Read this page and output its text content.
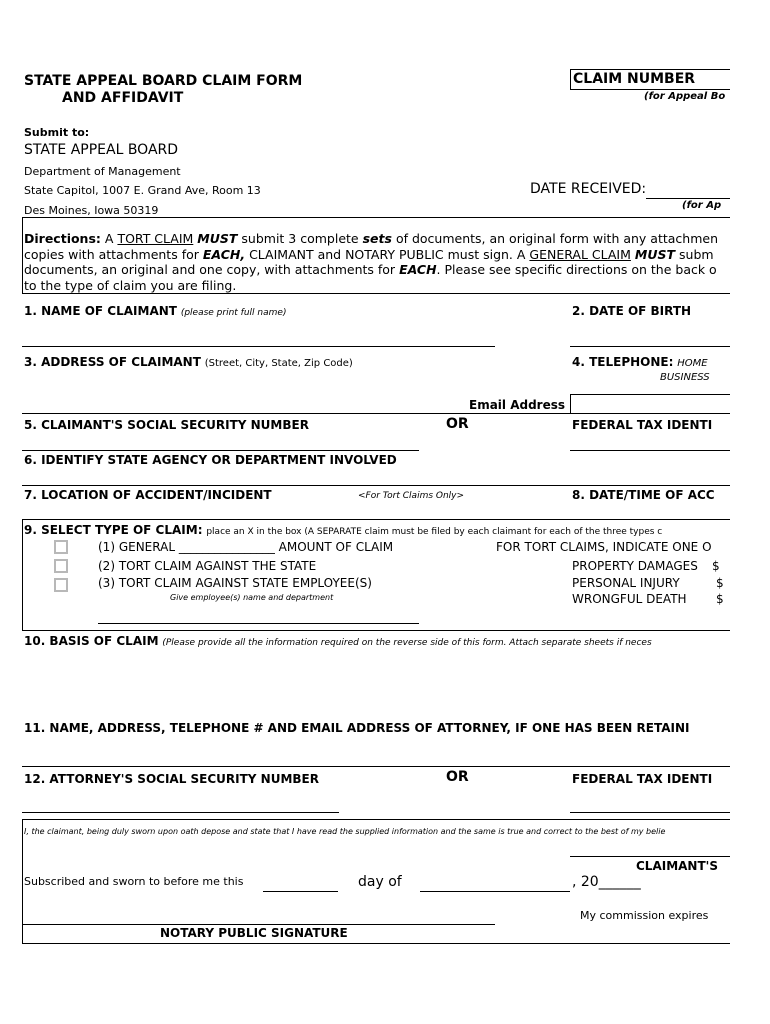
STATE APPEAL BOARD CLAIM FORM
AND AFFIDAVIT
CLAIM NUMBER
(for Appeal Bo
Submit to:
STATE APPEAL BOARD
Department of Management
State Capitol, 1007 E. Grand Ave, Room 13
Des Moines, Iowa 50319
DATE RECEIVED:
(for Ap
Directions: A TORT CLAIM MUST submit 3 complete sets of documents, an original form with any attachmen
copies with attachments for EACH, CLAIMANT and NOTARY PUBLIC must sign. A GENERAL CLAIM MUST subm
documents, an original and one copy, with attachments for EACH. Please see specific directions on the back o
to the type of claim you are filing.
1. NAME OF CLAIMANT (please print full name)	2. DATE OF BIRTH
3. ADDRESS OF CLAIMANT (Street, City, State, Zip Code)	4. TELEPHONE: HOME
BUSINESS
Email Address
5. CLAIMANT'S SOCIAL SECURITY NUMBER	OR	FEDERAL TAX IDENTI
6. IDENTIFY STATE AGENCY OR DEPARTMENT INVOLVED
7. LOCATION OF ACCIDENT/INCIDENT	<For Tort Claims Only>	8. DATE/TIME OF ACC
9. SELECT TYPE OF CLAIM: place an X in the box (A SEPARATE claim must be filed by each claimant for each of the three types c
(1) GENERAL ________________ AMOUNT OF CLAIM
(2) TORT CLAIM AGAINST THE STATE
(3) TORT CLAIM AGAINST STATE EMPLOYEE(S)
Give employee(s) name and department
FOR TORT CLAIMS, INDICATE ONE O
PROPERTY DAMAGES $
PERSONAL INJURY	$
WRONGFUL DEATH $
10. BASIS OF CLAIM (Please provide all the information required on the reverse side of this form. Attach separate sheets if neces
11. NAME, ADDRESS, TELEPHONE # AND EMAIL ADDRESS OF ATTORNEY, IF ONE HAS BEEN RETAINI
12. ATTORNEY'S SOCIAL SECURITY NUMBER	OR	FEDERAL TAX IDENTI
I, the claimant, being duly sworn upon oath depose and state that I have read the supplied information and the same is true and correct to the best of my belie
CLAIMANT'S
Subscribed and sworn to before me this	day of	, 20______
My commission expires
NOTARY PUBLIC SIGNATURE
